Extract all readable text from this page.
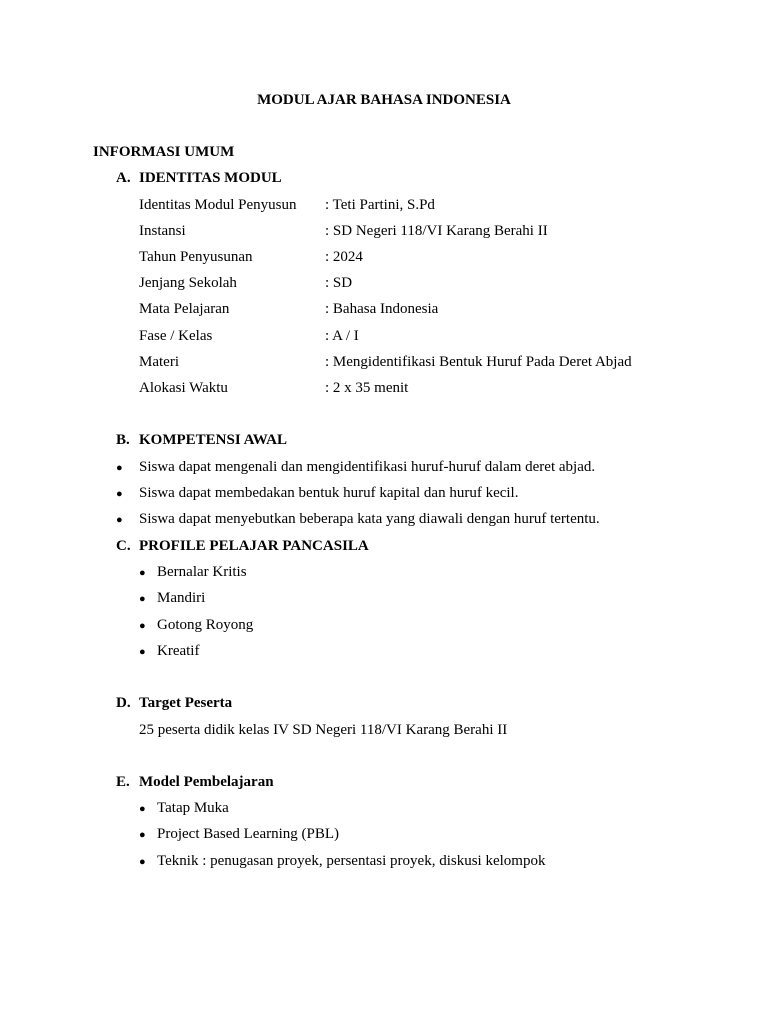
MODUL AJAR BAHASA INDONESIA
INFORMASI UMUM
A. IDENTITAS MODUL
Identitas Modul Penyusun : Teti Partini, S.Pd
Instansi	: SD Negeri 118/VI Karang Berahi II
Tahun Penyusunan	: 2024
Jenjang Sekolah	: SD
Mata Pelajaran	: Bahasa Indonesia
Fase / Kelas	: A / I
Materi	: Mengidentifikasi Bentuk Huruf Pada Deret Abjad
Alokasi Waktu	: 2 x 35 menit
B. KOMPETENSI AWAL
● Siswa dapat mengenali dan mengidentifikasi huruf-huruf dalam deret abjad.
● Siswa dapat membedakan bentuk huruf kapital dan huruf kecil.
● Siswa dapat menyebutkan beberapa kata yang diawali dengan huruf tertentu.
C. PROFILE PELAJAR PANCASILA
● Bernalar Kritis
● Mandiri
● Gotong Royong
● Kreatif
D. Target Peserta
25 peserta didik kelas IV SD Negeri 118/VI Karang Berahi II
E. Model Pembelajaran
● Tatap Muka
● Project Based Learning (PBL)
● Teknik : penugasan proyek, persentasi proyek, diskusi kelompok
